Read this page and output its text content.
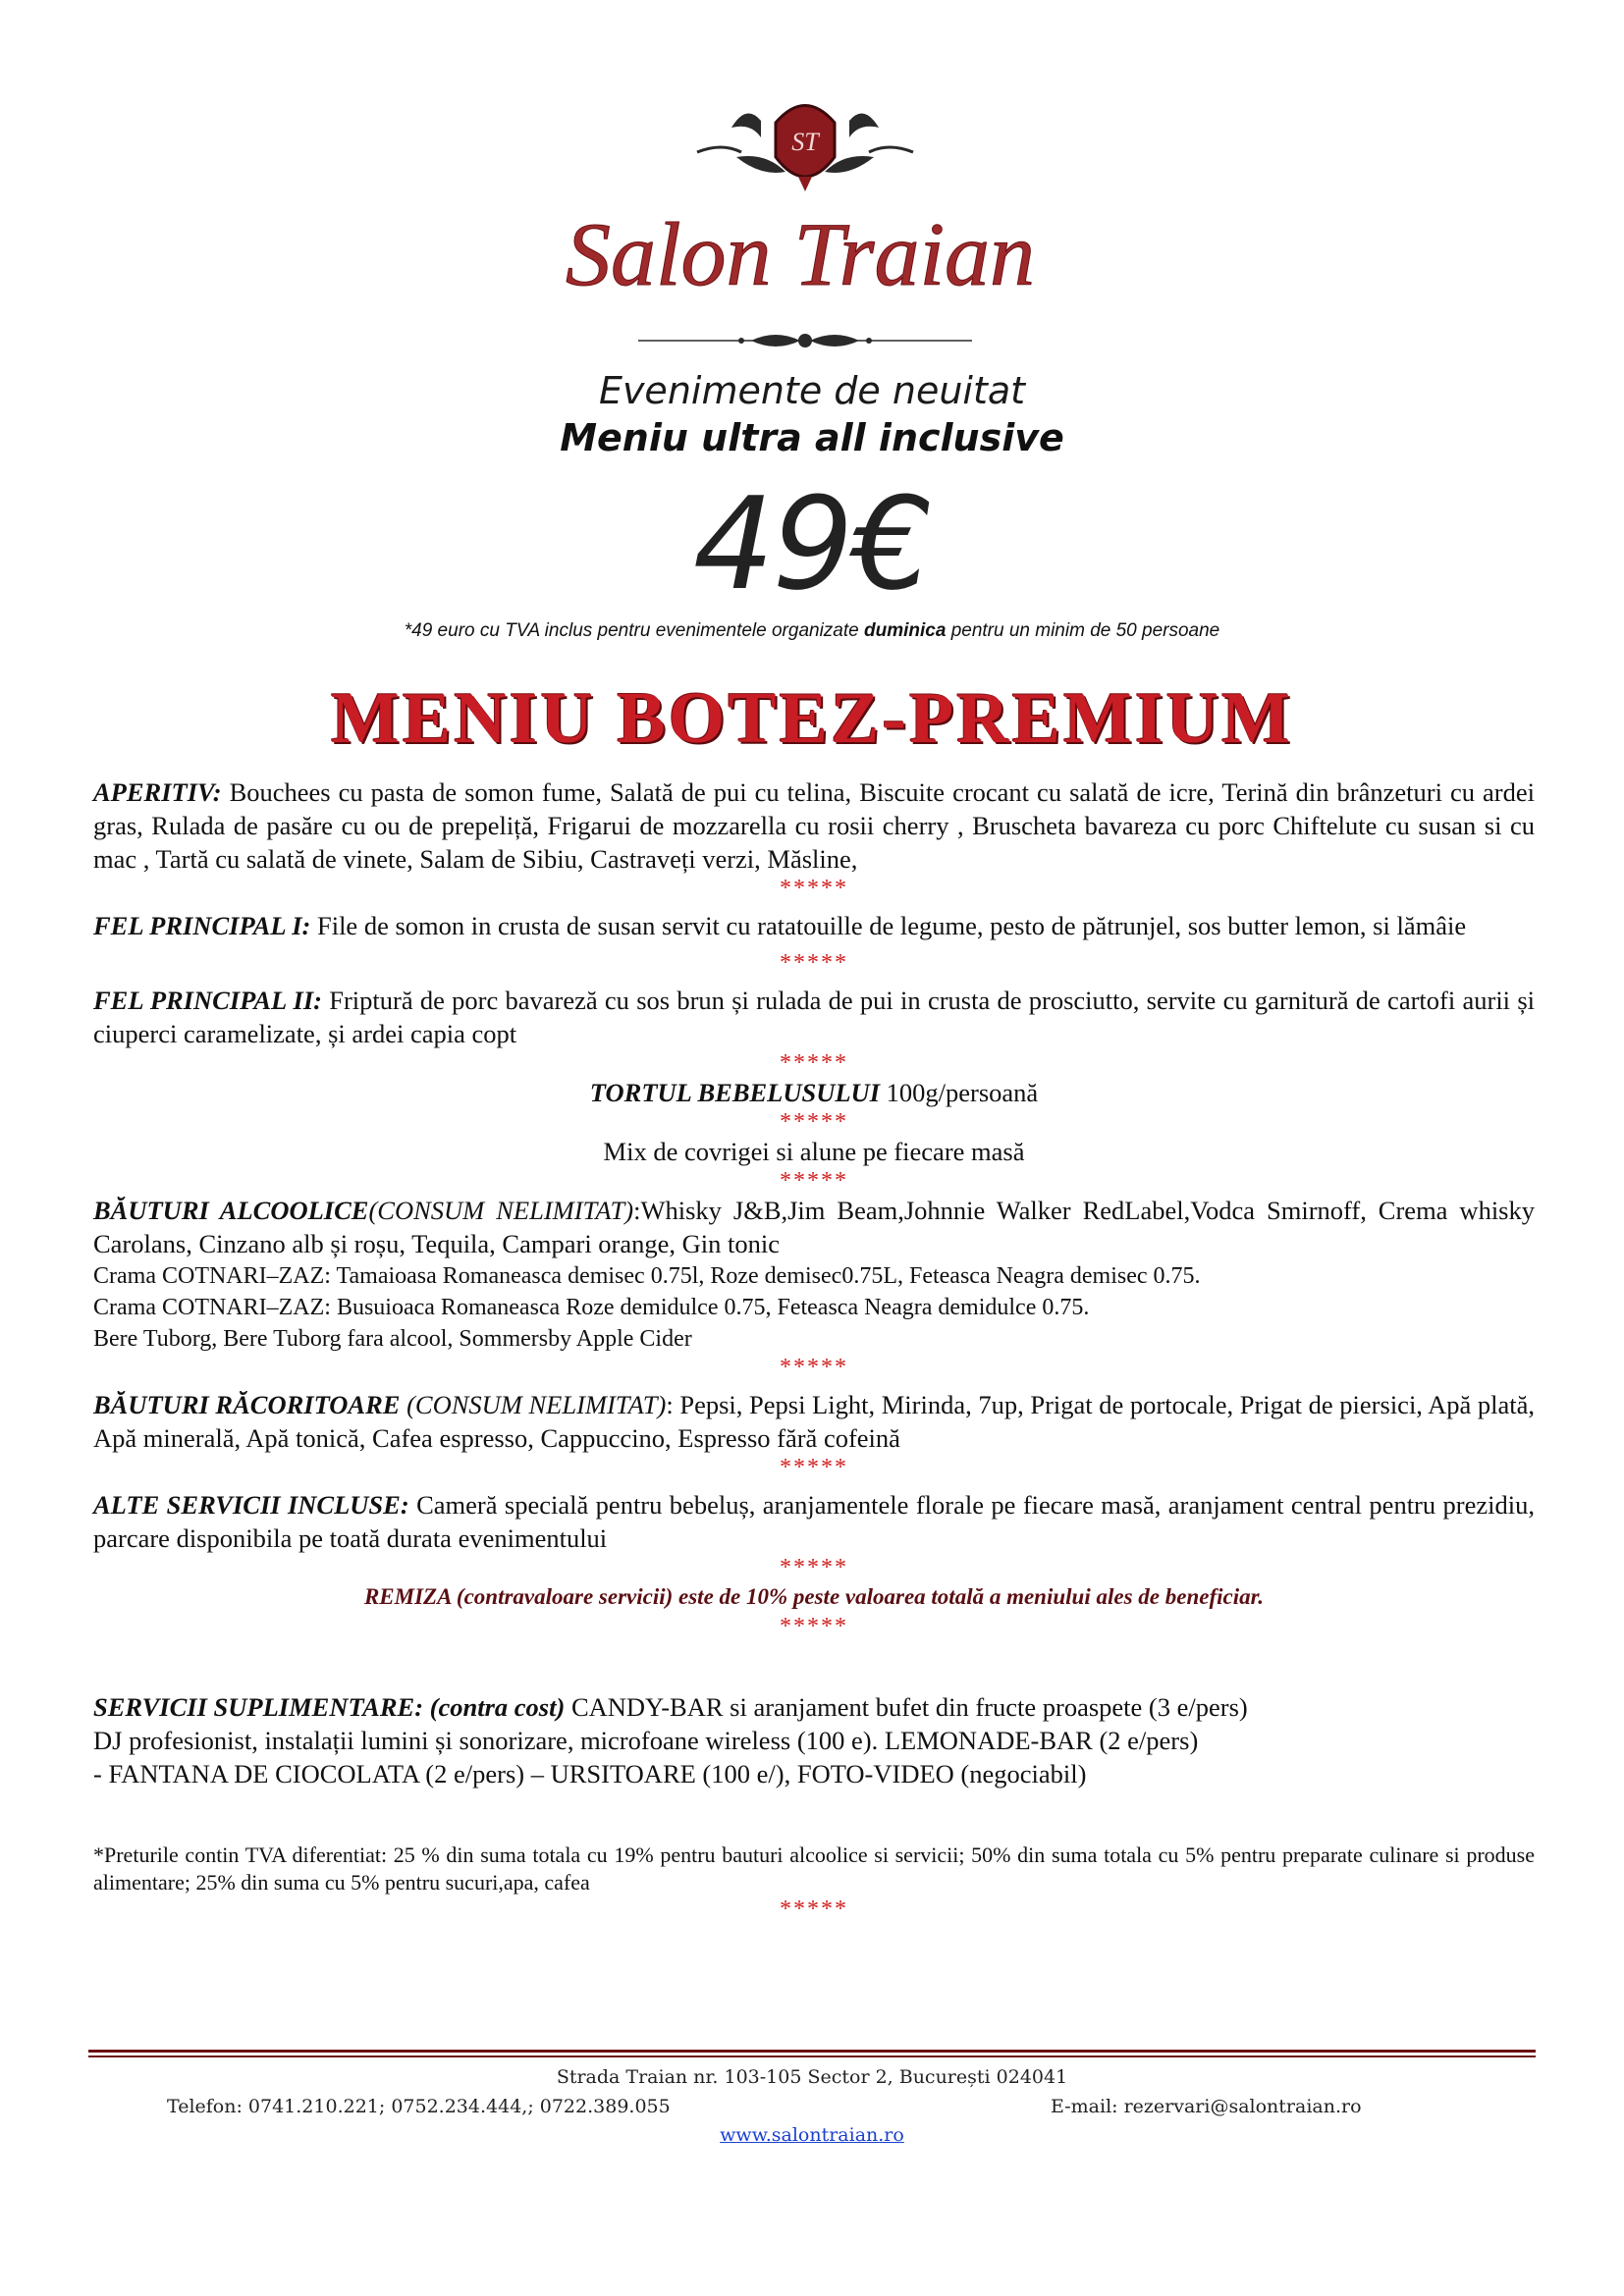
ST
Salon Traian
Evenimente de neuitat
Meniu ultra all inclusive
49€
*49 euro cu TVA inclus pentru evenimentele organizate duminica pentru un minim de 50 persoane
MENIU BOTEZ-PREMIUM

APERITIV: Bouchees cu pasta de somon fume, Salată de pui cu telina, Biscuite crocant cu salată de icre, Terină din brânzeturi cu ardei gras, Rulada de pasăre cu ou de prepeliță, Frigarui de mozzarella cu rosii cherry , Bruscheta bavareza cu porc Chiftelute cu susan si cu mac , Tartă cu salată de vinete, Salam de Sibiu, Castraveți verzi, Măsline,

*****

FEL PRINCIPAL I: File de somon in crusta de susan servit cu ratatouille de legume, pesto de pătrunjel, sos butter lemon, si lămâie

*****

FEL PRINCIPAL II: Friptură de porc bavareză cu sos brun și rulada de pui in crusta de prosciutto, servite cu garnitură de cartofi aurii și ciuperci caramelizate, și ardei capia copt

*****

TORTUL BEBELUSULUI 100g/persoană

*****

Mix de covrigei si alune pe fiecare masă

*****

BĂUTURI ALCOOLICE(CONSUM NELIMITAT):Whisky J&B,Jim Beam,Johnnie Walker RedLabel,Vodca Smirnoff, Crema whisky Carolans, Cinzano alb și roșu, Tequila, Campari orange, Gin tonic

Crama COTNARI–ZAZ: Tamaioasa Romaneasca demisec 0.75l, Roze demisec0.75L, Feteasca Neagra demisec 0.75.

Crama COTNARI–ZAZ: Busuioaca Romaneasca Roze demidulce 0.75, Feteasca Neagra demidulce 0.75.

Bere Tuborg, Bere Tuborg fara alcool, Sommersby Apple Cider

*****

BĂUTURI RĂCORITOARE (CONSUM NELIMITAT): Pepsi, Pepsi Light, Mirinda, 7up, Prigat de portocale, Prigat de piersici, Apă plată, Apă minerală, Apă tonică, Cafea espresso, Cappuccino, Espresso fără cofeină

*****

ALTE SERVICII INCLUSE: Cameră specială pentru bebeluș, aranjamentele florale pe fiecare masă, aranjament central pentru prezidiu, parcare disponibila pe toată durata evenimentului

*****

REMIZA (contravaloare servicii) este de 10% peste valoarea totală a meniului ales de beneficiar.

*****

SERVICII SUPLIMENTARE: (contra cost) CANDY-BAR si aranjament bufet din fructe proaspete (3 e/pers)

DJ profesionist, instalații lumini și sonorizare, microfoane wireless (100 e). LEMONADE-BAR (2 e/pers)

- FANTANA DE CIOCOLATA (2 e/pers) – URSITOARE (100 e/), FOTO-VIDEO (negociabil)

*Preturile contin TVA diferentiat: 25 % din suma totala cu 19% pentru bauturi alcoolice si servicii; 50% din suma totala cu 5% pentru preparate culinare si produse alimentare; 25% din suma cu 5% pentru sucuri,apa, cafea

*****

Strada Traian nr. 103-105 Sector 2, București 024041
Telefon: 0741.210.221; 0752.234.444,; 0722.389.055	E-mail: rezervari@salontraian.ro
www.salontraian.ro
